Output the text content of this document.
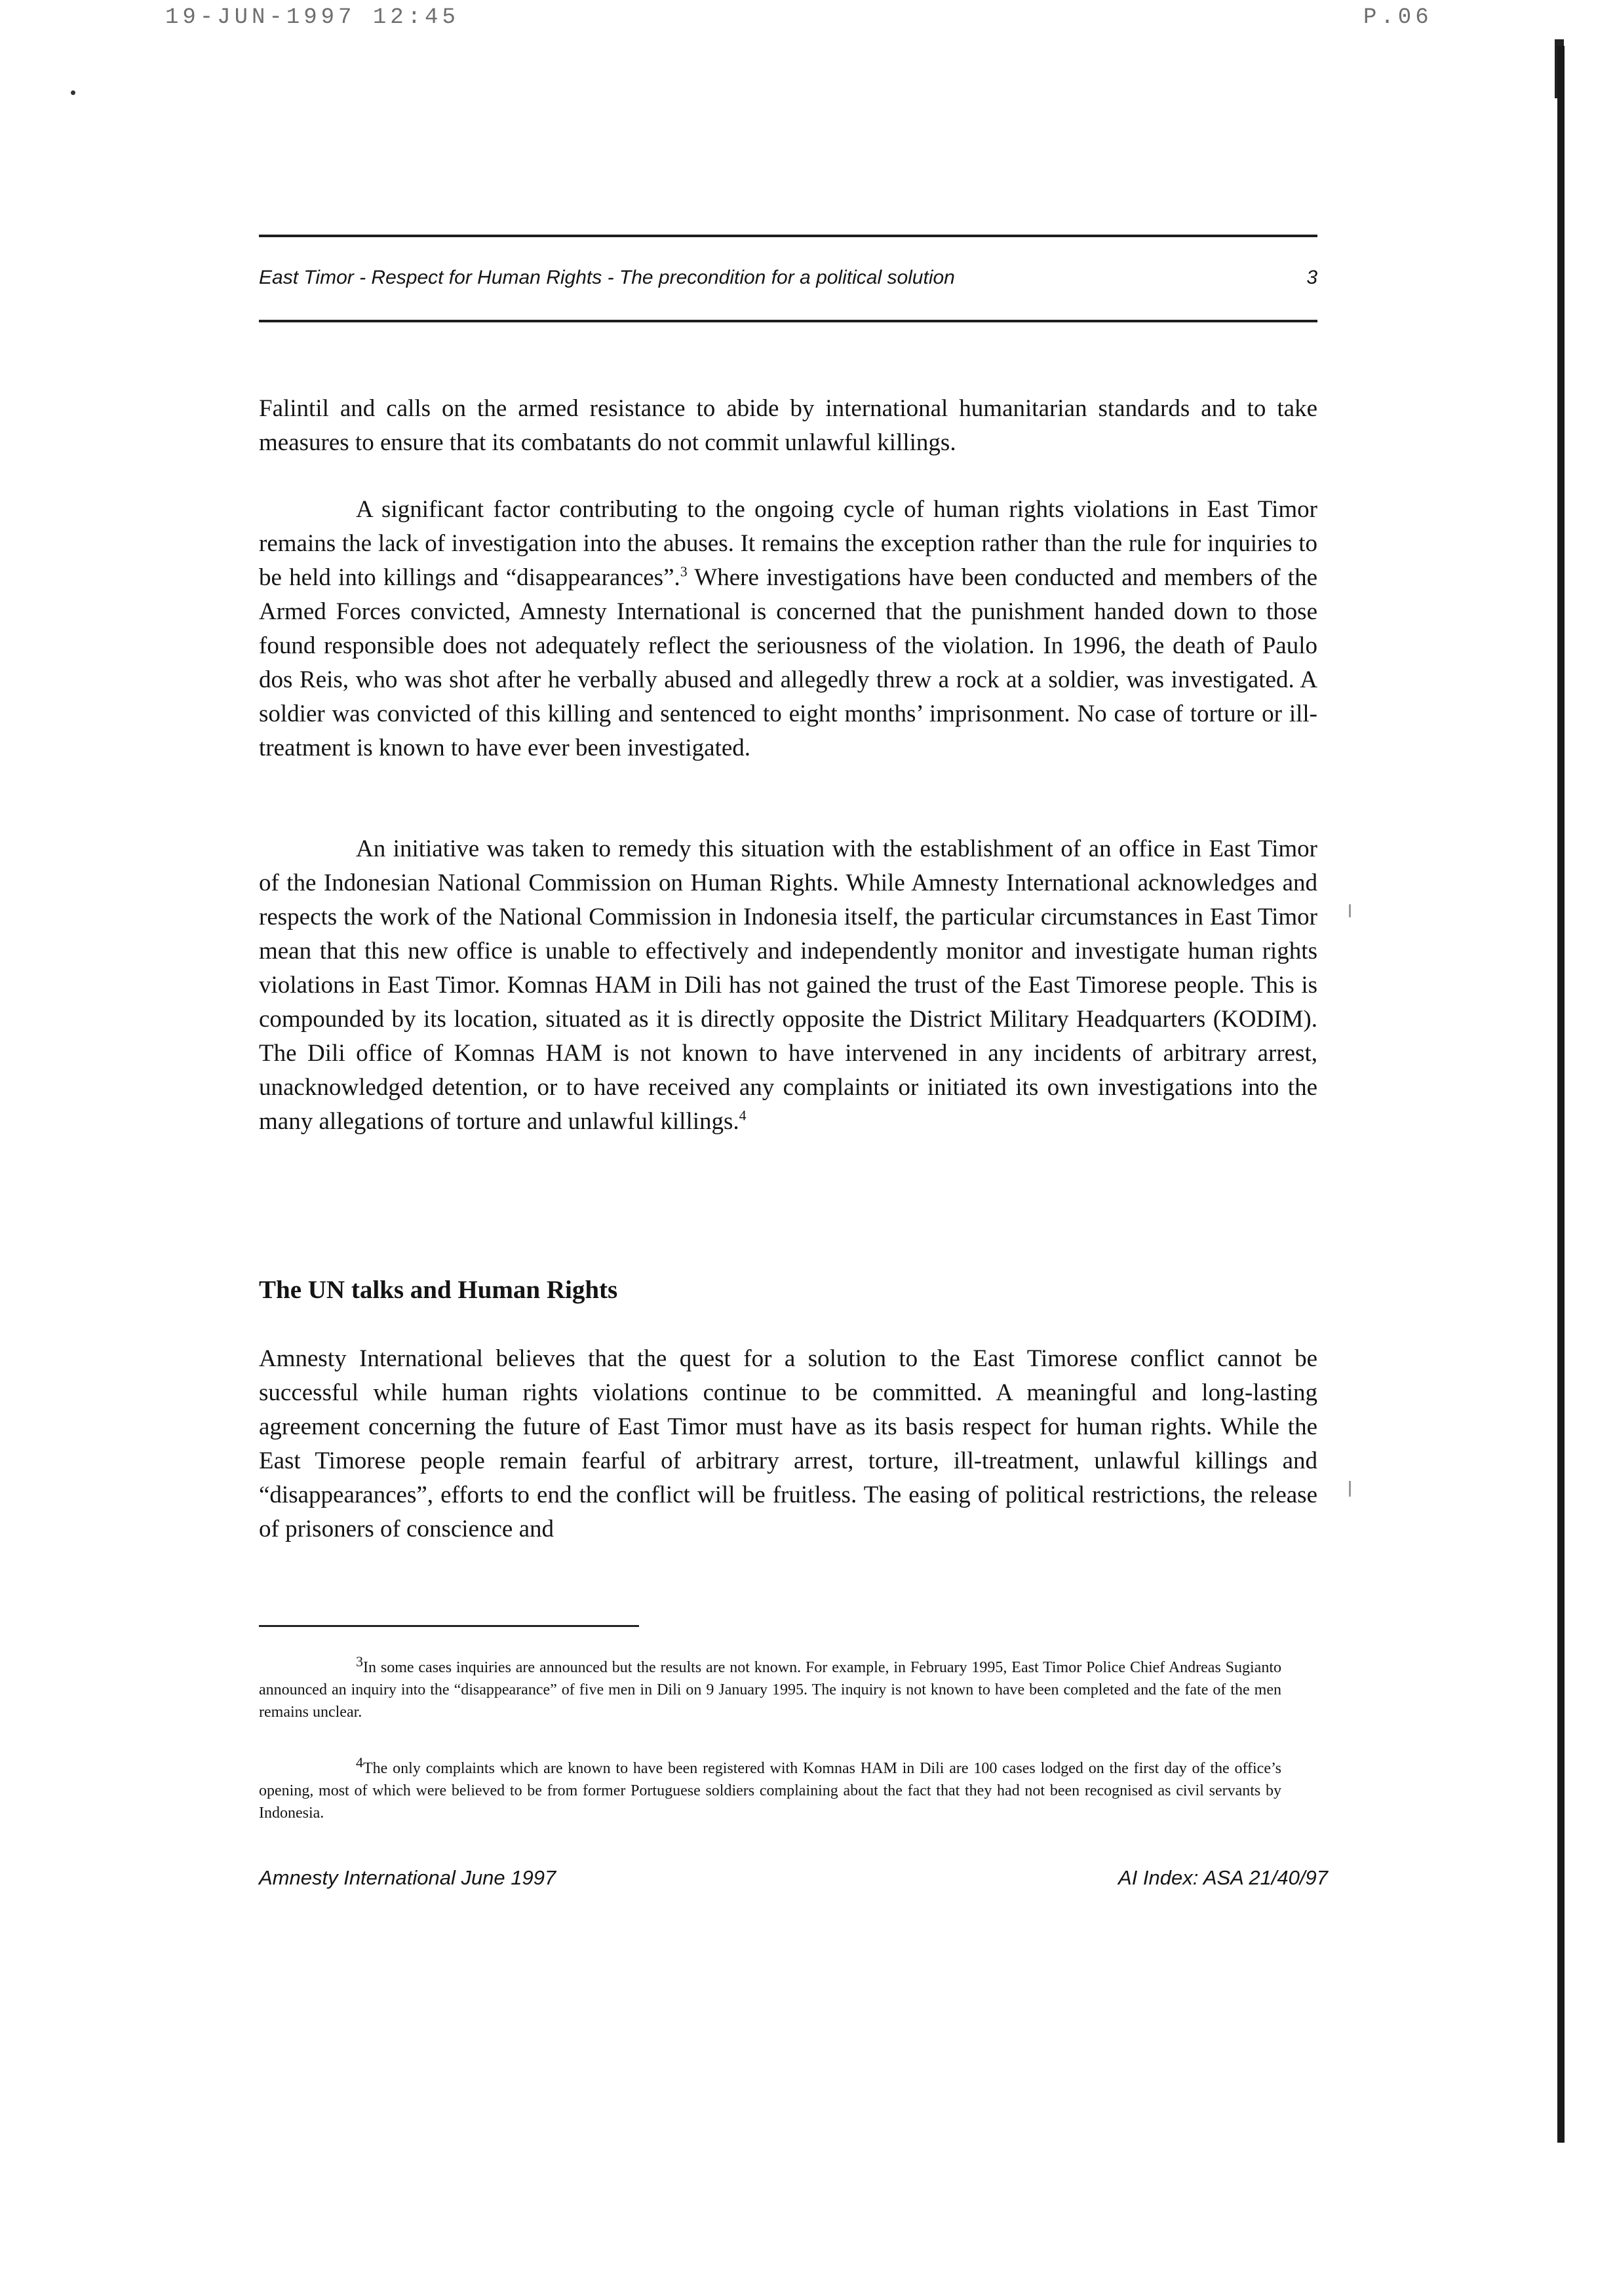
19-JUN-1997 12:45	P.06
East Timor - Respect for Human Rights - The precondition for a political solution	3

Falintil and calls on the armed resistance to abide by international humanitarian standards and to take measures to ensure that its combatants do not commit unlawful killings.

A significant factor contributing to the ongoing cycle of human rights violations in East Timor remains the lack of investigation into the abuses. It remains the exception rather than the rule for inquiries to be held into killings and “disappearances”.$^3$ Where investigations have been conducted and members of the Armed Forces convicted, Amnesty International is concerned that the punishment handed down to those found responsible does not adequately reflect the seriousness of the violation. In 1996, the death of Paulo dos Reis, who was shot after he verbally abused and allegedly threw a rock at a soldier, was investigated. A soldier was convicted of this killing and sentenced to eight months’ imprisonment. No case of torture or ill-treatment is known to have ever been investigated.

An initiative was taken to remedy this situation with the establishment of an office in East Timor of the Indonesian National Commission on Human Rights. While Amnesty International acknowledges and respects the work of the National Commission in Indonesia itself, the particular circumstances in East Timor mean that this new office is unable to effectively and independently monitor and investigate human rights violations in East Timor. Komnas HAM in Dili has not gained the trust of the East Timorese people. This is compounded by its location, situated as it is directly opposite the District Military Headquarters (KODIM). The Dili office of Komnas HAM is not known to have intervened in any incidents of arbitrary arrest, unacknowledged detention, or to have received any complaints or initiated its own investigations into the many allegations of torture and unlawful killings.$^4$

The UN talks and Human Rights

Amnesty International believes that the quest for a solution to the East Timorese conflict cannot be successful while human rights violations continue to be committed. A meaningful and long-lasting agreement concerning the future of East Timor must have as its basis respect for human rights. While the East Timorese people remain fearful of arbitrary arrest, torture, ill-treatment, unlawful killings and “disappearances”, efforts to end the conflict will be fruitless. The easing of political restrictions, the release of prisoners of conscience and

$^3$In some cases inquiries are announced but the results are not known. For example, in February 1995, East Timor Police Chief Andreas Sugianto announced an inquiry into the “disappearance” of five men in Dili on 9 January 1995. The inquiry is not known to have been completed and the fate of the men remains unclear.

$^4$The only complaints which are known to have been registered with Komnas HAM in Dili are 100 cases lodged on the first day of the office’s opening, most of which were believed to be from former Portuguese soldiers complaining about the fact that they had not been recognised as civil servants by Indonesia.

Amnesty International June 1997	AI Index: ASA 21/40/97
